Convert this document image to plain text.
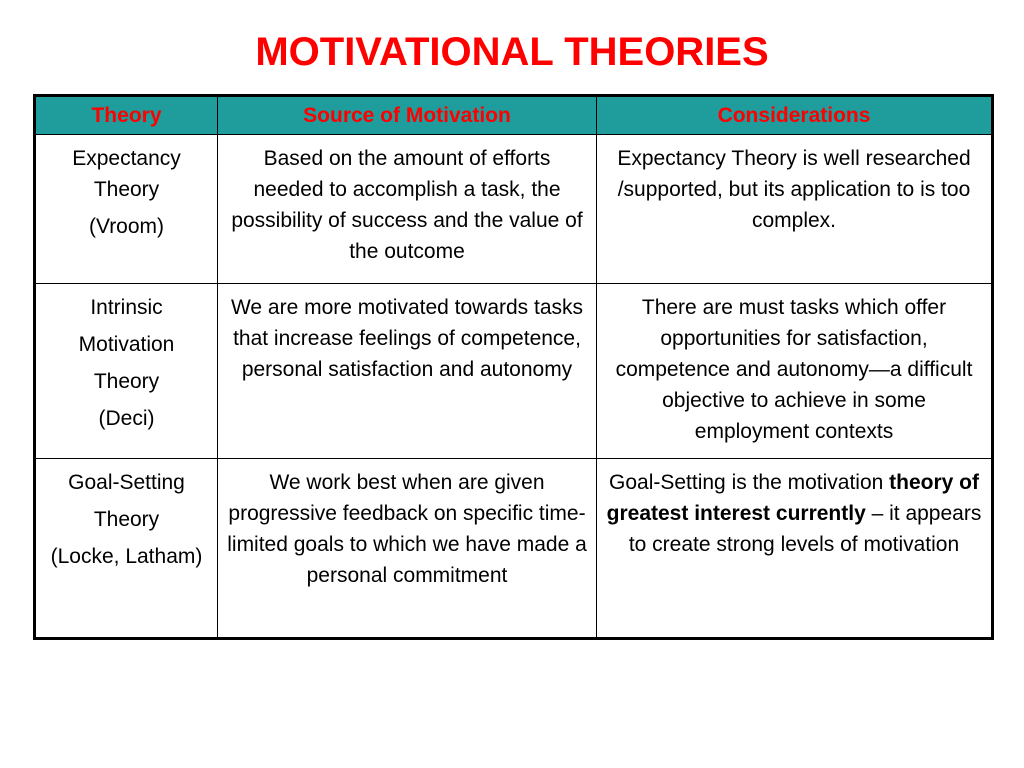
MOTIVATIONAL THEORIES
Theory	Source of Motivation	Considerations

Expectancy Theory

(Vroom)	Based on the amount of efforts needed to accomplish a task, the possibility of success and the value of the outcome	Expectancy Theory is well researched /supported, but its application to is too complex.

Intrinsic

Motivation

Theory

(Deci)	We are more motivated towards tasks that increase feelings of competence, personal satisfaction and autonomy	There are must tasks which offer opportunities for satisfaction, competence and autonomy—a difficult objective to achieve in some employment contexts

Goal-Setting

Theory

(Locke, Latham)	We work best when are given progressive feedback on specific time-limited goals to which we have made a personal commitment	Goal-Setting is the motivation theory of greatest interest currently – it appears to create strong levels of motivation
